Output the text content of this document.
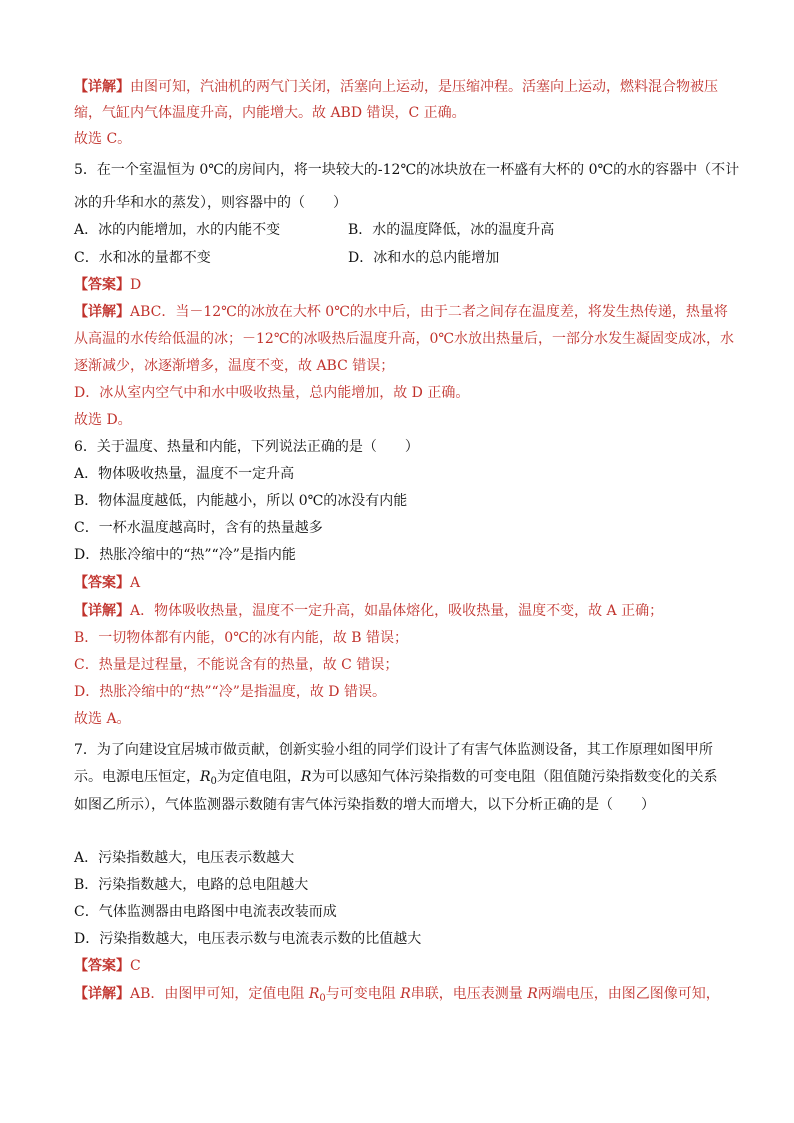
【详解】由图可知，汽油机的两气门关闭，活塞向上运动，是压缩冲程。活塞向上运动，燃料混合物被压
缩，气缸内气体温度升高，内能增大。故 ABD 错误，C 正确。
故选 C。
5．在一个室温恒为 0℃的房间内，将一块较大的-12℃的冰块放在一杯盛有大杯的 0℃的水的容器中（不计
冰的升华和水的蒸发），则容器中的（　　）
A．冰的内能增加，水的内能不变	B．水的温度降低，冰的温度升高
C．水和冰的量都不变	D．冰和水的总内能增加
【答案】D
【详解】ABC．当－12℃的冰放在大杯 0℃的水中后，由于二者之间存在温度差，将发生热传递，热量将
从高温的水传给低温的冰；－12℃的冰吸热后温度升高，0℃水放出热量后，一部分水发生凝固变成冰，水
逐渐减少，冰逐渐增多，温度不变，故 ABC 错误；
D．冰从室内空气中和水中吸收热量，总内能增加，故 D 正确。
故选 D。
6．关于温度、热量和内能，下列说法正确的是（　　）
A．物体吸收热量，温度不一定升高
B．物体温度越低，内能越小，所以 0℃的冰没有内能
C．一杯水温度越高时，含有的热量越多
D．热胀冷缩中的“热”“冷”是指内能
【答案】A
【详解】A．物体吸收热量，温度不一定升高，如晶体熔化，吸收热量，温度不变，故 A 正确；
B．一切物体都有内能，0℃的冰有内能，故 B 错误；
C．热量是过程量，不能说含有的热量，故 C 错误；
D．热胀冷缩中的“热”“冷”是指温度，故 D 错误。
故选 A。
7．为了向建设宜居城市做贡献，创新实验小组的同学们设计了有害气体监测设备，其工作原理如图甲所
示。电源电压恒定，$R_0$为定值电阻，R为可以感知气体污染指数的可变电阻（阻值随污染指数变化的关系
如图乙所示），气体监测器示数随有害气体污染指数的增大而增大，以下分析正确的是（　　）
A．污染指数越大，电压表示数越大
B．污染指数越大，电路的总电阻越大
C．气体监测器由电路图中电流表改装而成
D．污染指数越大，电压表示数与电流表示数的比值越大
【答案】C
【详解】AB．由图甲可知，定值电阻 $R_0$与可变电阻 R串联，电压表测量 R两端电压，由图乙图像可知，
